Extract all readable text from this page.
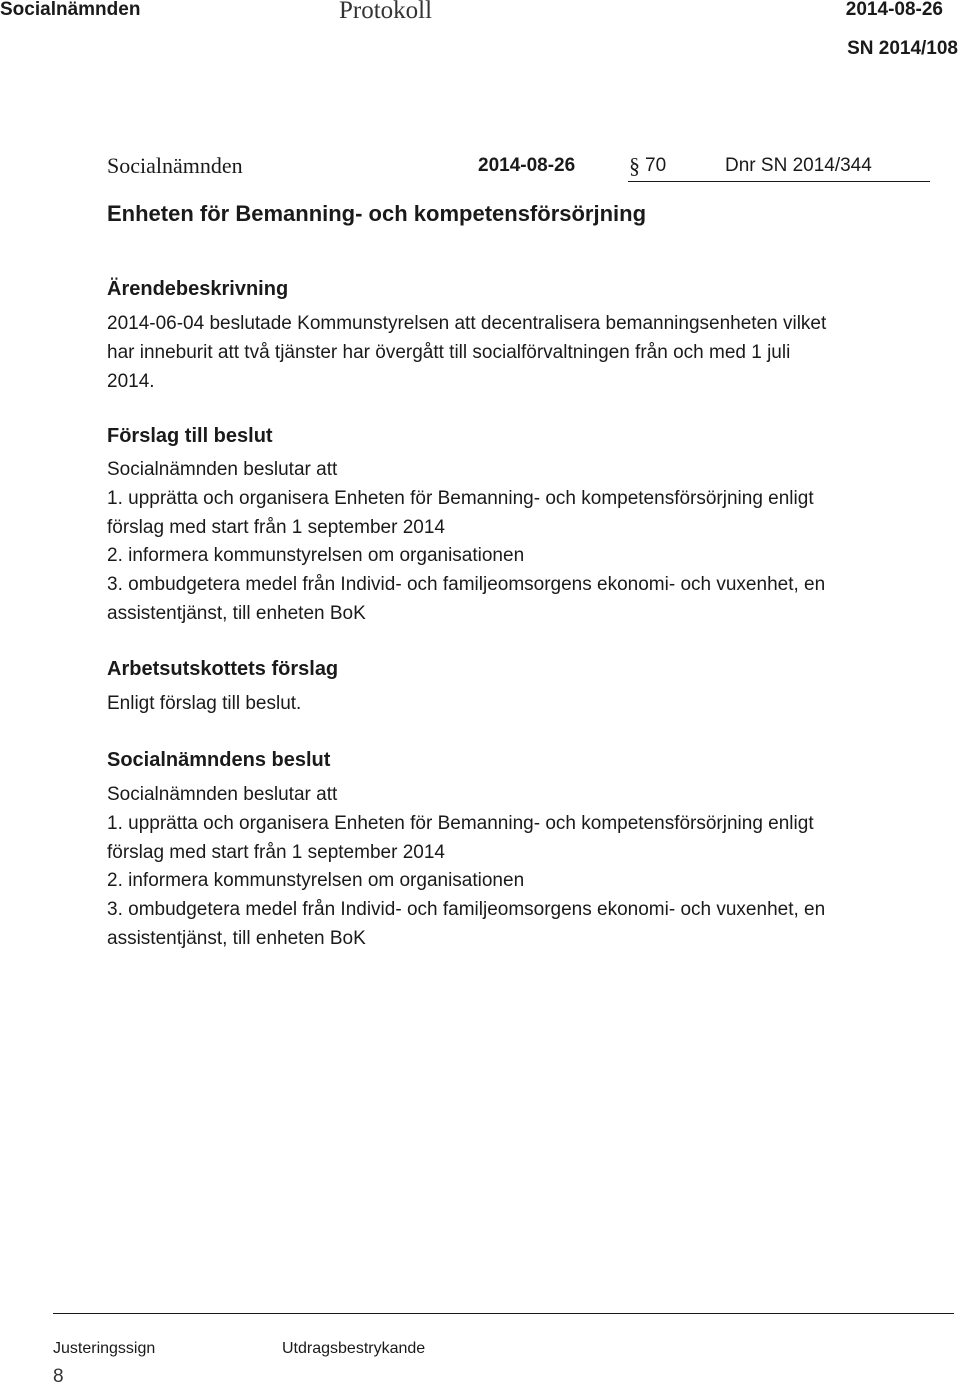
Socialnämnden	Protokoll	2014-08-26
SN 2014/108
Socialnämnden	2014-08-26 § 70	Dnr SN 2014/344
Enheten för Bemanning- och kompetensförsörjning
Ärendebeskrivning
2014-06-04 beslutade Kommunstyrelsen att decentralisera bemanningsenheten vilket
har inneburit att två tjänster har övergått till socialförvaltningen från och med 1 juli
2014.
Förslag till beslut
Socialnämnden beslutar att
1. upprätta och organisera Enheten för Bemanning- och kompetensförsörjning enligt
förslag med start från 1 september 2014
2. informera kommunstyrelsen om organisationen
3. ombudgetera medel från Individ- och familjeomsorgens ekonomi- och vuxenhet, en
assistentjänst, till enheten BoK
Arbetsutskottets förslag
Enligt förslag till beslut.
Socialnämndens beslut
Socialnämnden beslutar att
1. upprätta och organisera Enheten för Bemanning- och kompetensförsörjning enligt
förslag med start från 1 september 2014
2. informera kommunstyrelsen om organisationen
3. ombudgetera medel från Individ- och familjeomsorgens ekonomi- och vuxenhet, en
assistentjänst, till enheten BoK
Justeringssign	Utdragsbestrykande
8
